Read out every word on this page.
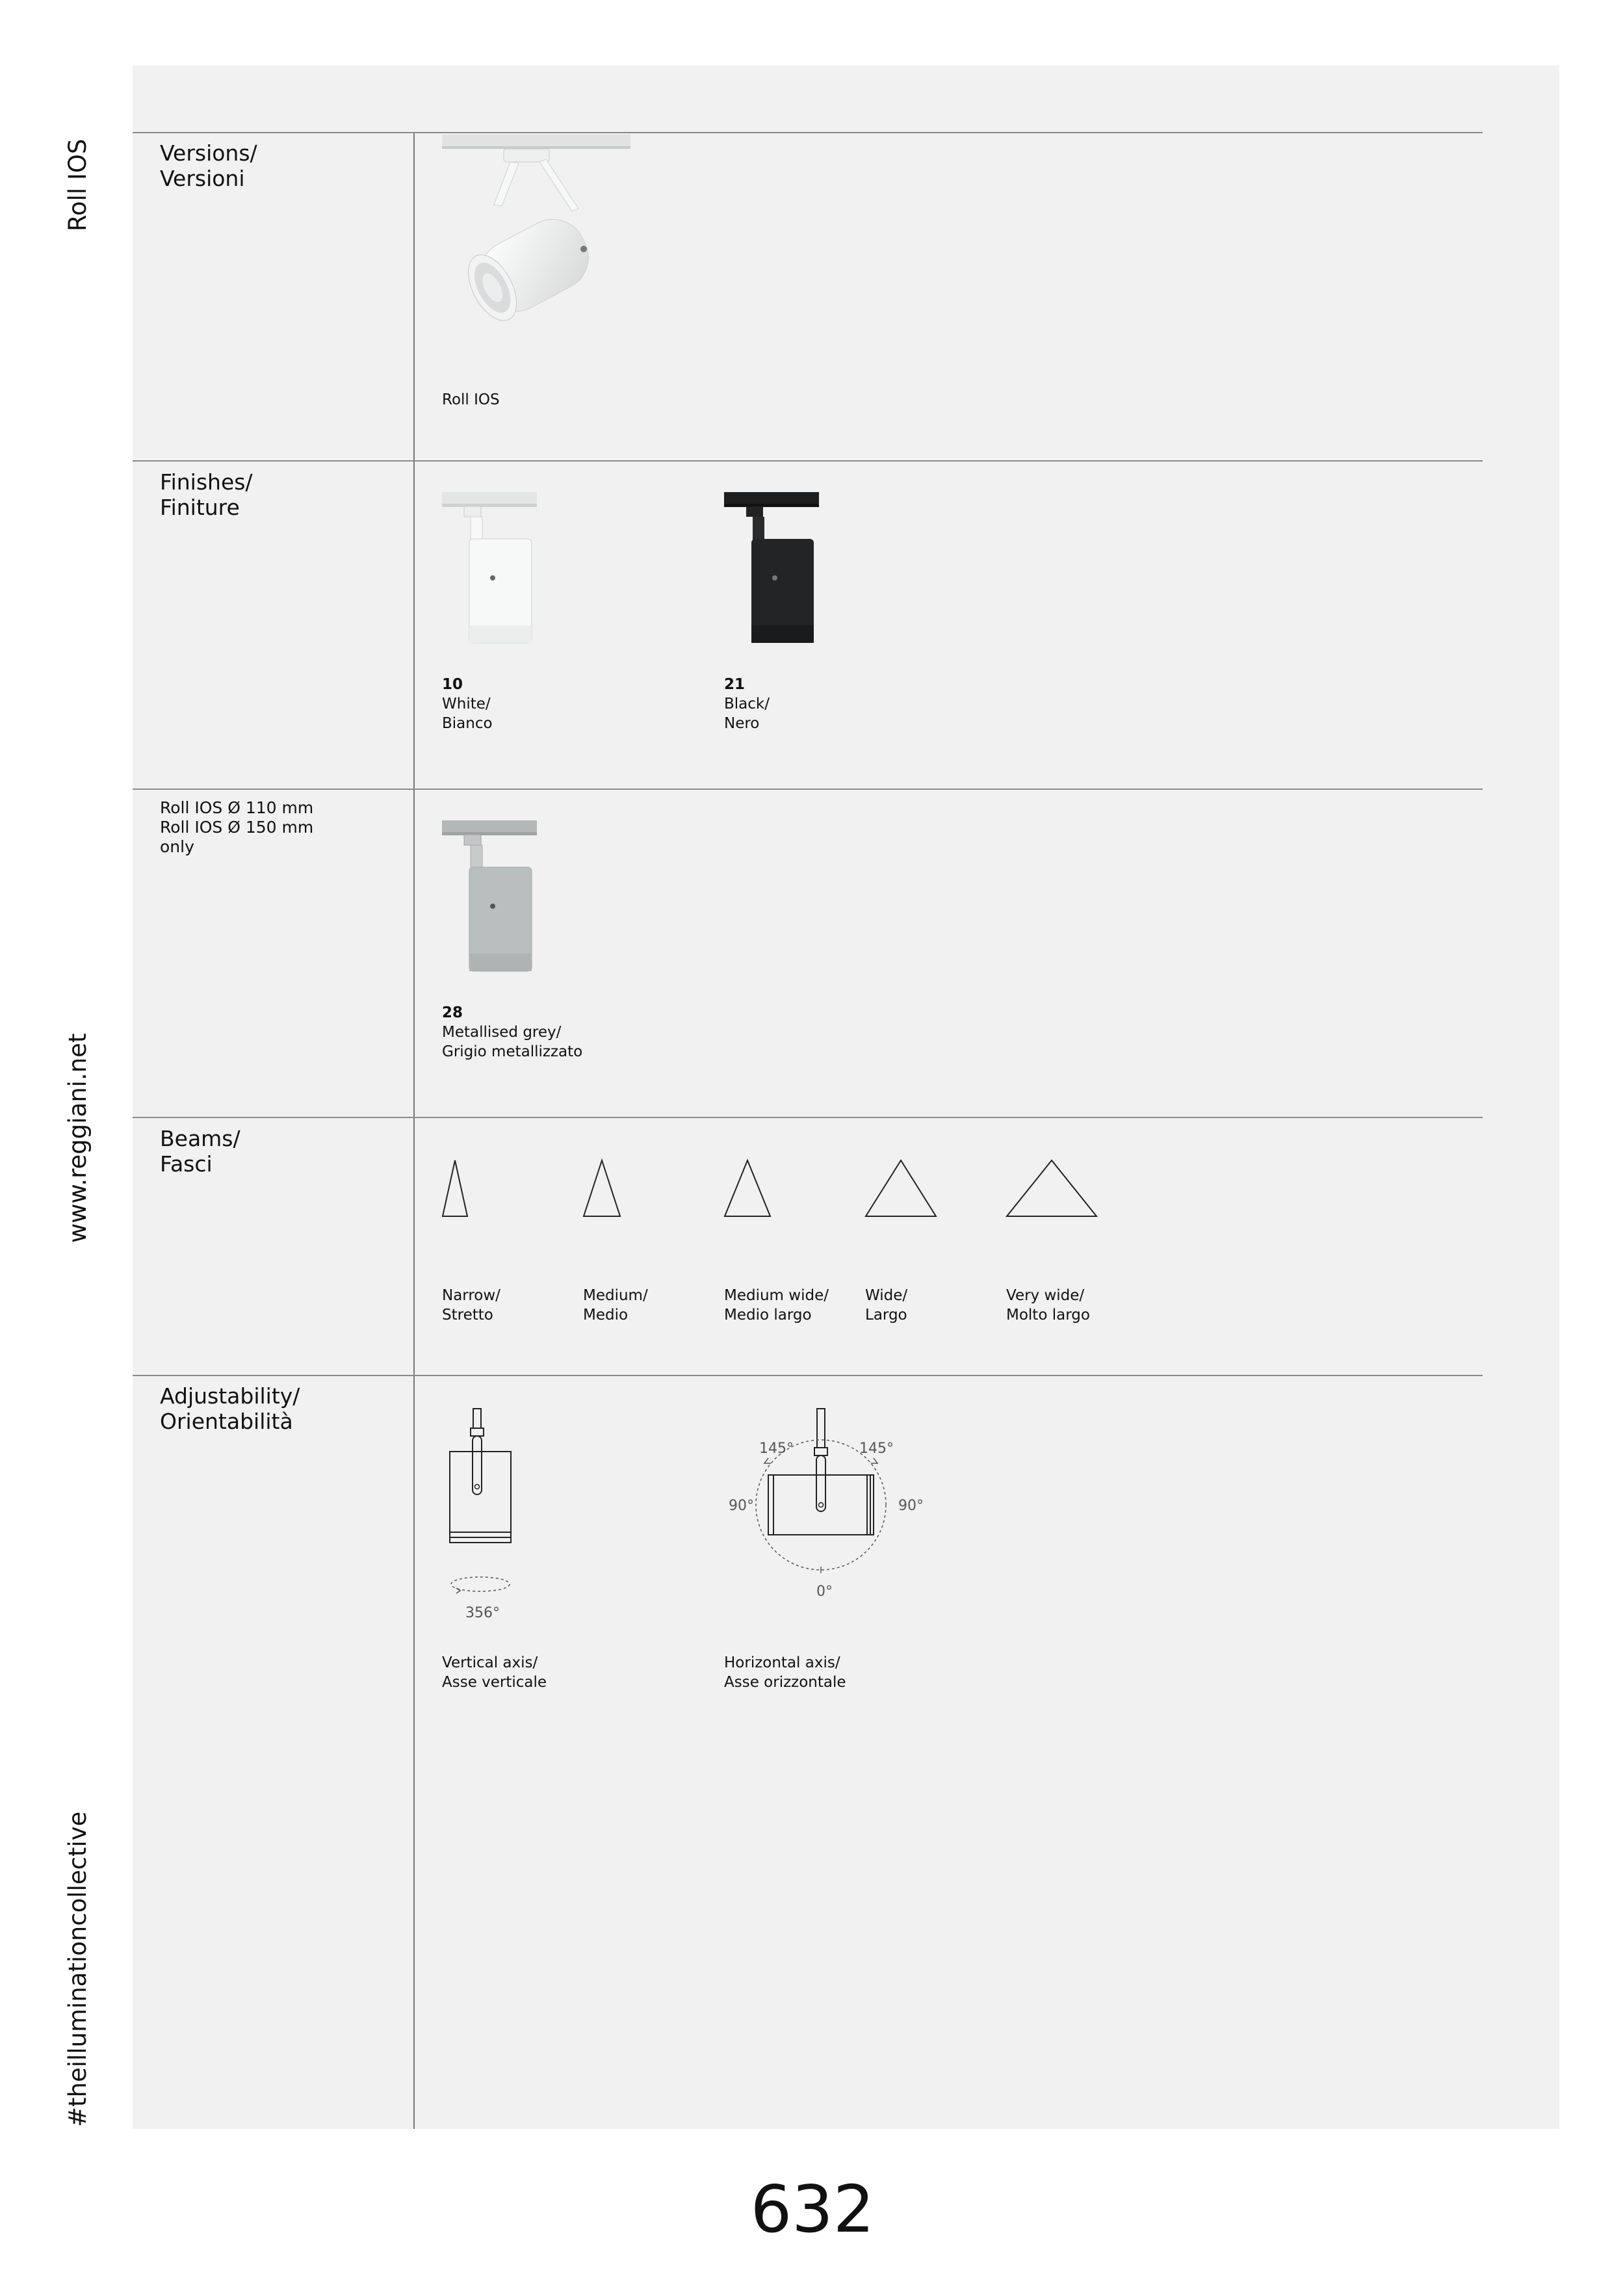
Roll IOS
www.reggiani.net
#theilluminationcollective
Versions/
Versioni
Roll IOS
Finishes/
Finiture
10
White/
Bianco
21
Black/
Nero
Roll IOS Ø 110 mm
Roll IOS Ø 150 mm
only
28
Metallised grey/
Grigio metallizzato
Beams/
Fasci
Narrow/
Stretto
Medium/
Medio
Medium wide/
Medio largo
Wide/
Largo
Very wide/
Molto largo
Adjustability/
Orientabilità
356°
Vertical axis/
Asse verticale
145°	145°
90°	90°
0°
Horizontal axis/
Asse orizzontale
632
